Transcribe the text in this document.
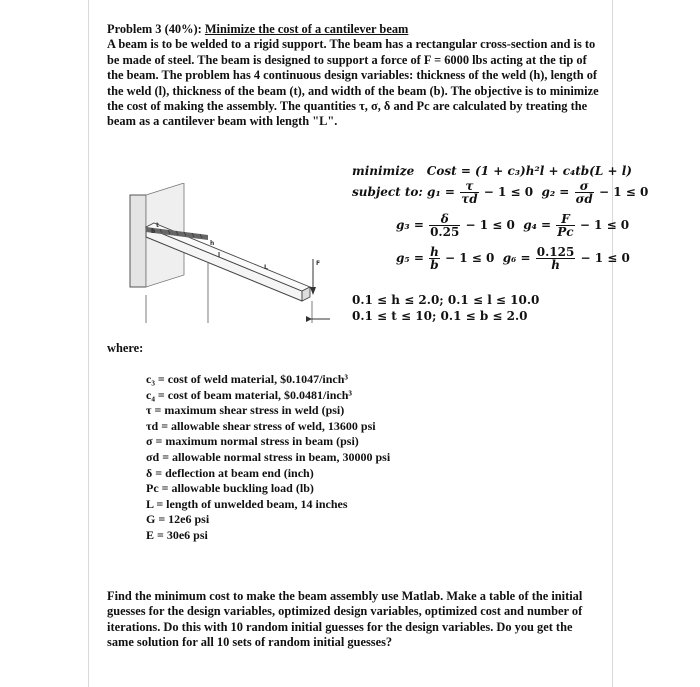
Problem 3 (40%): Minimize the cost of a cantilever beam
A beam is to be welded to a rigid support. The beam has a rectangular cross-section and is to be made of steel. The beam is designed to support a force of F = 6000 lbs acting at the tip of the beam. The problem has 4 continuous design variables: thickness of the weld (h), length of the weld (l), thickness of the beam (t), and width of the beam (b). The objective is to minimize the cost of making the assembly. The quantities τ, σ, δ and Pc are calculated by treating the beam as a cantilever beam with length "L".
minimize Cost = (1 + c₃)h²l + c₄tb(L + l)
subject to: $g_1 = \frac{\tau}{\tau d} - 1 \le 0$ $g_2 = \frac{\sigma}{\sigma d} - 1 \le 0$
$g_3 = \frac{\delta}{0.25} - 1 \le 0$ $g_4 = \frac{F}{Pc} - 1 \le 0$
$g_5 = \frac{h}{b} - 1 \le 0$ $g_6 = \frac{0.125}{h} - 1 \le 0$
0.1 ≤ h ≤ 2.0; 0.1 ≤ l ≤ 10.0
0.1 ≤ t ≤ 10; 0.1 ≤ b ≤ 2.0
b
t
h
l
L
F
where:
c₃ = cost of weld material, $0.1047/inch³
c₄ = cost of beam material, $0.0481/inch³
τ = maximum shear stress in weld (psi)
τd = allowable shear stress of weld, 13600 psi
σ = maximum normal stress in beam (psi)
σd = allowable normal stress in beam, 30000 psi
δ = deflection at beam end (inch)
Pc = allowable buckling load (lb)
L = length of unwelded beam, 14 inches
G = 12e6 psi
E = 30e6 psi
Find the minimum cost to make the beam assembly use Matlab. Make a table of the initial guesses for the design variables, optimized design variables, optimized cost and number of iterations. Do this with 10 random initial guesses for the design variables. Do you get the same solution for all 10 sets of random initial guesses?
